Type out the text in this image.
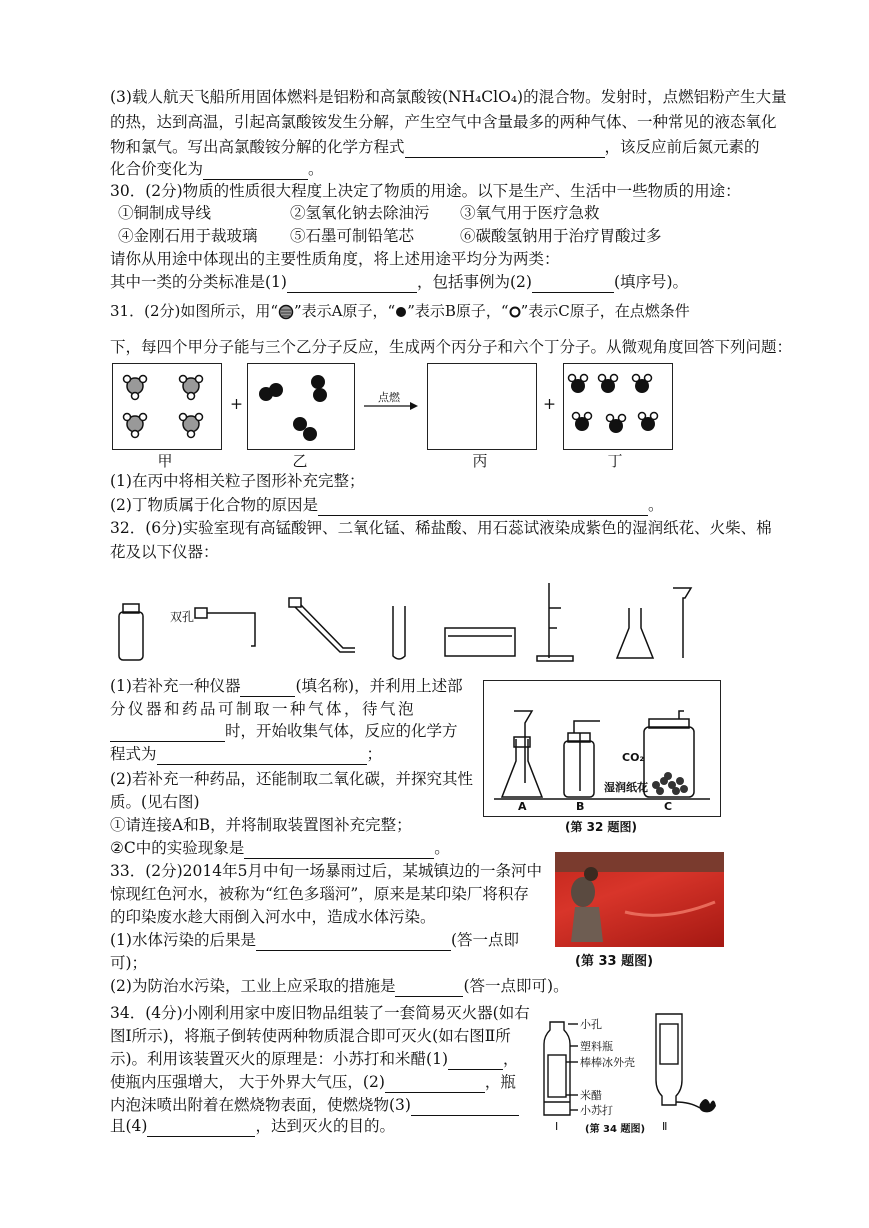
(3)载人航天飞船所用固体燃料是铝粉和高氯酸铵(NH₄ClO₄)的混合物。发射时，点燃铝粉产生大量
的热，达到高温，引起高氯酸铵发生分解，产生空气中含量最多的两种气体、一种常见的液态氧化
物和氯气。写出高氯酸铵分解的化学方程式	，该反应前后氮元素的
化合价变化为	。
30．(2分)物质的性质很大程度上决定了物质的用途。以下是生产、生活中一些物质的用途：
①铜制成导线	②氢氧化钠去除油污 ③氧气用于医疗急救
④金刚石用于裁玻璃 ⑤石墨可制铅笔芯	⑥碳酸氢钠用于治疗胃酸过多
请你从用途中体现出的主要性质角度，将上述用途平均分为两类：
其中一类的分类标准是(1)	，包括事例为(2)	(填序号)。
31．(2分)如图所示，用“ ”表示A原子，“ ”表示B原子，“ ”表示C原子，在点燃条件
下，每四个甲分子能与三个乙分子反应，生成两个丙分子和六个丁分子。从微观角度回答下列问题：
甲
+
乙
点燃
丙
+
丁
(1)在丙中将相关粒子图形补充完整；
(2)丁物质属于化合物的原因是	。
32．(6分)实验室现有高锰酸钾、二氧化锰、稀盐酸、用石蕊试液染成紫色的湿润纸花、火柴、棉
花及以下仪器：
双孔
(1)若补充一种仪器	(填名称)，并利用上述部
分仪器和药品可制取一种气体，待气泡
时，开始收集气体，反应的化学方
程式为	；
(2)若补充一种药品，还能制取二氧化碳，并探究其性
质。(见右图)
①请连接A和B，并将制取装置图补充完整；
②C中的实验现象是	。
A	B	C
CO₂
湿润纸花
(第 32 题图)
33．(2分)2014年5月中旬一场暴雨过后，某城镇边的一条河中
惊现红色河水，被称为“红色多瑙河”，原来是某印染厂将积存
的印染废水趁大雨倒入河水中，造成水体污染。
(1)水体污染的后果是	(答一点即
可)；
(2)为防治水污染，工业上应采取的措施是	(答一点即可)。
(第 33 题图)
34．(4分)小刚利用家中废旧物品组装了一套简易灭火器(如右
图Ⅰ所示)，将瓶子倒转使两种物质混合即可灭火(如右图Ⅱ所
示)。利用该装置灭火的原理是：小苏打和米醋(1)	，
使瓶内压强增大， 大于外界大气压，(2)	，瓶
内泡沫喷出附着在燃烧物表面，使燃烧物(3)
且(4)	，达到灭火的目的。
小孔
塑料瓶
棒棒冰外壳
米醋
小苏打
Ⅰ	(第 34 题图) Ⅱ
